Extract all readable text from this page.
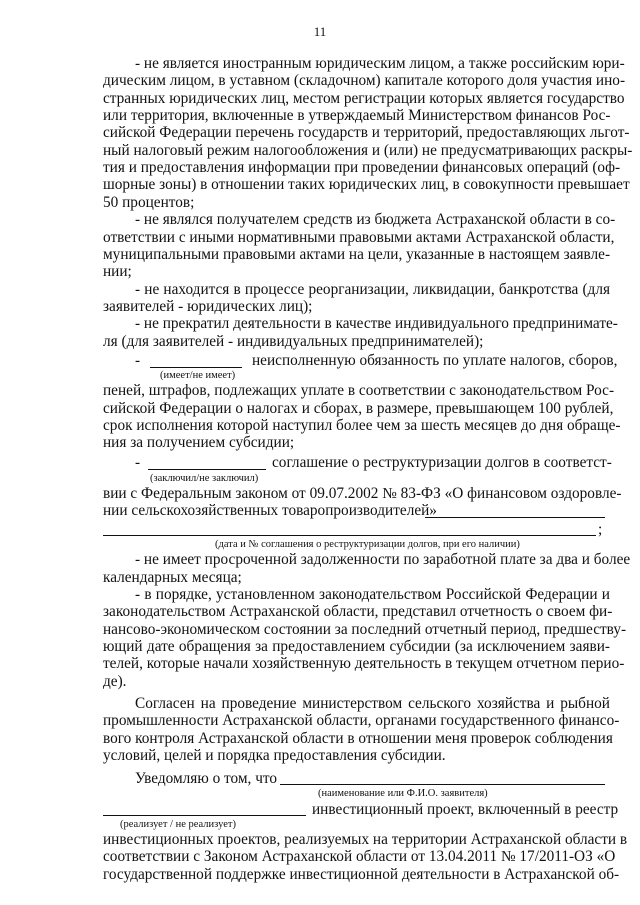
11
- не является иностранным юридическим лицом, а также российским юри-
дическим лицом, в уставном (складочном) капитале которого доля участия ино-
странных юридических лиц, местом регистрации которых является государство
или территория, включенные в утверждаемый Министерством финансов Рос-
сийской Федерации перечень государств и территорий, предоставляющих льгот-
ный налоговый режим налогообложения и (или) не предусматривающих раскры-
тия и предоставления информации при проведении финансовых операций (оф-
шорные зоны) в отношении таких юридических лиц, в совокупности превышает
50 процентов;
- не являлся получателем средств из бюджета Астраханской области в со-
ответствии с иными нормативными правовыми актами Астраханской области,
муниципальными правовыми актами на цели, указанные в настоящем заявле-
нии;
- не находится в процессе реорганизации, ликвидации, банкротства (для
заявителей - юридических лиц);
- не прекратил деятельности в качестве индивидуального предпринимате-
ля (для заявителей - индивидуальных предпринимателей);
-	неисполненную обязанность по уплате налогов, сборов,
(имеет/не имеет)
пеней, штрафов, подлежащих уплате в соответствии с законодательством Рос-
сийской Федерации о налогах и сборах, в размере, превышающем 100 рублей,
срок исполнения которой наступил более чем за шесть месяцев до дня обраще-
ния за получением субсидии;
-	соглашение о реструктуризации долгов в соответст-
(заключил/не заключил)
вии с Федеральным законом от 09.07.2002 № 83-ФЗ «О финансовом оздоровле-
нии сельскохозяйственных товаропроизводителей»
;
(дата и № соглашения о реструктуризации долгов, при его наличии)
- не имеет просроченной задолженности по заработной плате за два и более
календарных месяца;
- в порядке, установленном законодательством Российской Федерации и
законодательством Астраханской области, представил отчетность о своем фи-
нансово-экономическом состоянии за последний отчетный период, предшеству-
ющий дате обращения за предоставлением субсидии (за исключением заяви-
телей, которые начали хозяйственную деятельность в текущем отчетном перио-
де).
Согласен на проведение министерством сельского хозяйства и рыбной
промышленности Астраханской области, органами государственного финансо-
вого контроля Астраханской области в отношении меня проверок соблюдения
условий, целей и порядка предоставления субсидии.
Уведомляю о том, что
(наименование или Ф.И.О. заявителя)
инвестиционный проект, включенный в реестр
(реализует / не реализует)
инвестиционных проектов, реализуемых на территории Астраханской области в
соответствии с Законом Астраханской области от 13.04.2011 № 17/2011-ОЗ «О
государственной поддержке инвестиционной деятельности в Астраханской об-
